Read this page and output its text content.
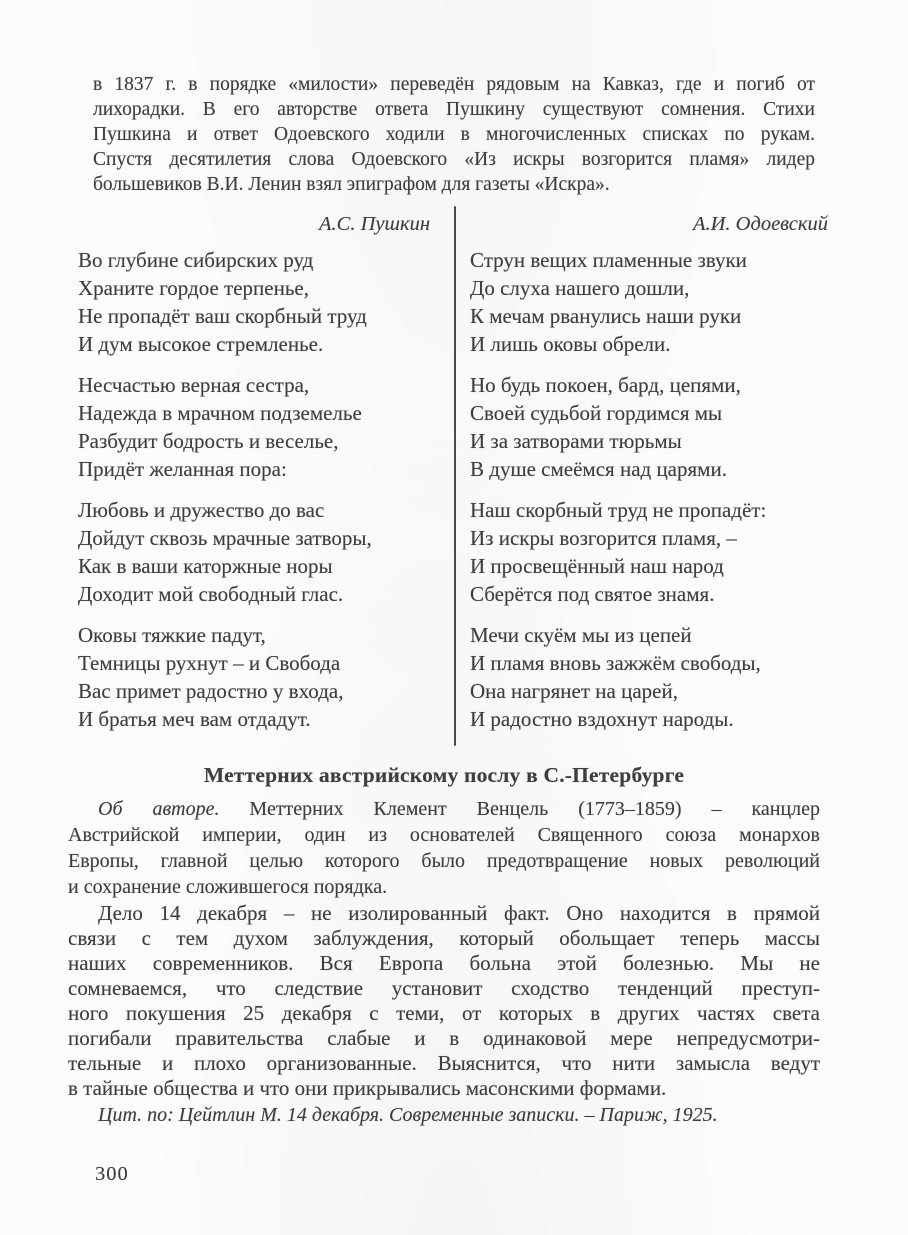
в 1837 г. в порядке «милости» переведён рядовым на Кавказ, где и погиб от
лихорадки. В его авторстве ответа Пушкину существуют сомнения. Стихи
Пушкина и ответ Одоевского ходили в многочисленных списках по рукам.
Спустя десятилетия слова Одоевского «Из искры возгорится пламя» лидер
большевиков В.И. Ленин взял эпиграфом для газеты «Искра».
А.С. Пушкин	А.И. Одоевский
Во глубине сибирских руд
Храните гордое терпенье,
Не пропадёт ваш скорбный труд
И дум высокое стремленье.
Несчастью верная сестра,
Надежда в мрачном подземелье
Разбудит бодрость и веселье,
Придёт желанная пора:
Любовь и дружество до вас
Дойдут сквозь мрачные затворы,
Как в ваши каторжные норы
Доходит мой свободный глас.
Оковы тяжкие падут,
Темницы рухнут – и Свобода
Вас примет радостно у входа,
И братья меч вам отдадут.
Струн вещих пламенные звуки
До слуха нашего дошли,
К мечам рванулись наши руки
И лишь оковы обрели.
Но будь покоен, бард, цепями,
Своей судьбой гордимся мы
И за затворами тюрьмы
В душе смеёмся над царями.
Наш скорбный труд не пропадёт:
Из искры возгорится пламя, –
И просвещённый наш народ
Сберётся под святое знамя.
Мечи скуём мы из цепей
И пламя вновь зажжём свободы,
Она нагрянет на царей,
И радостно вздохнут народы.
Меттерних австрийскому послу в С.-Петербурге
Об авторе. Меттерних Клемент Венцель (1773–1859) – канцлер
Австрийской империи, один из основателей Священного союза монархов
Европы, главной целью которого было предотвращение новых революций
и сохранение сложившегося порядка.
Дело 14 декабря – не изолированный факт. Оно находится в прямой
связи с тем духом заблуждения, который обольщает теперь массы
наших современников. Вся Европа больна этой болезнью. Мы не
сомневаемся, что следствие установит сходство тенденций преступ-
ного покушения 25 декабря с теми, от которых в других частях света
погибали правительства слабые и в одинаковой мере непредусмотри-
тельные и плохо организованные. Выяснится, что нити замысла ведут
в тайные общества и что они прикрывались масонскими формами.
Цит. по: Цейтлин М. 14 декабря. Современные записки. – Париж, 1925.
300
